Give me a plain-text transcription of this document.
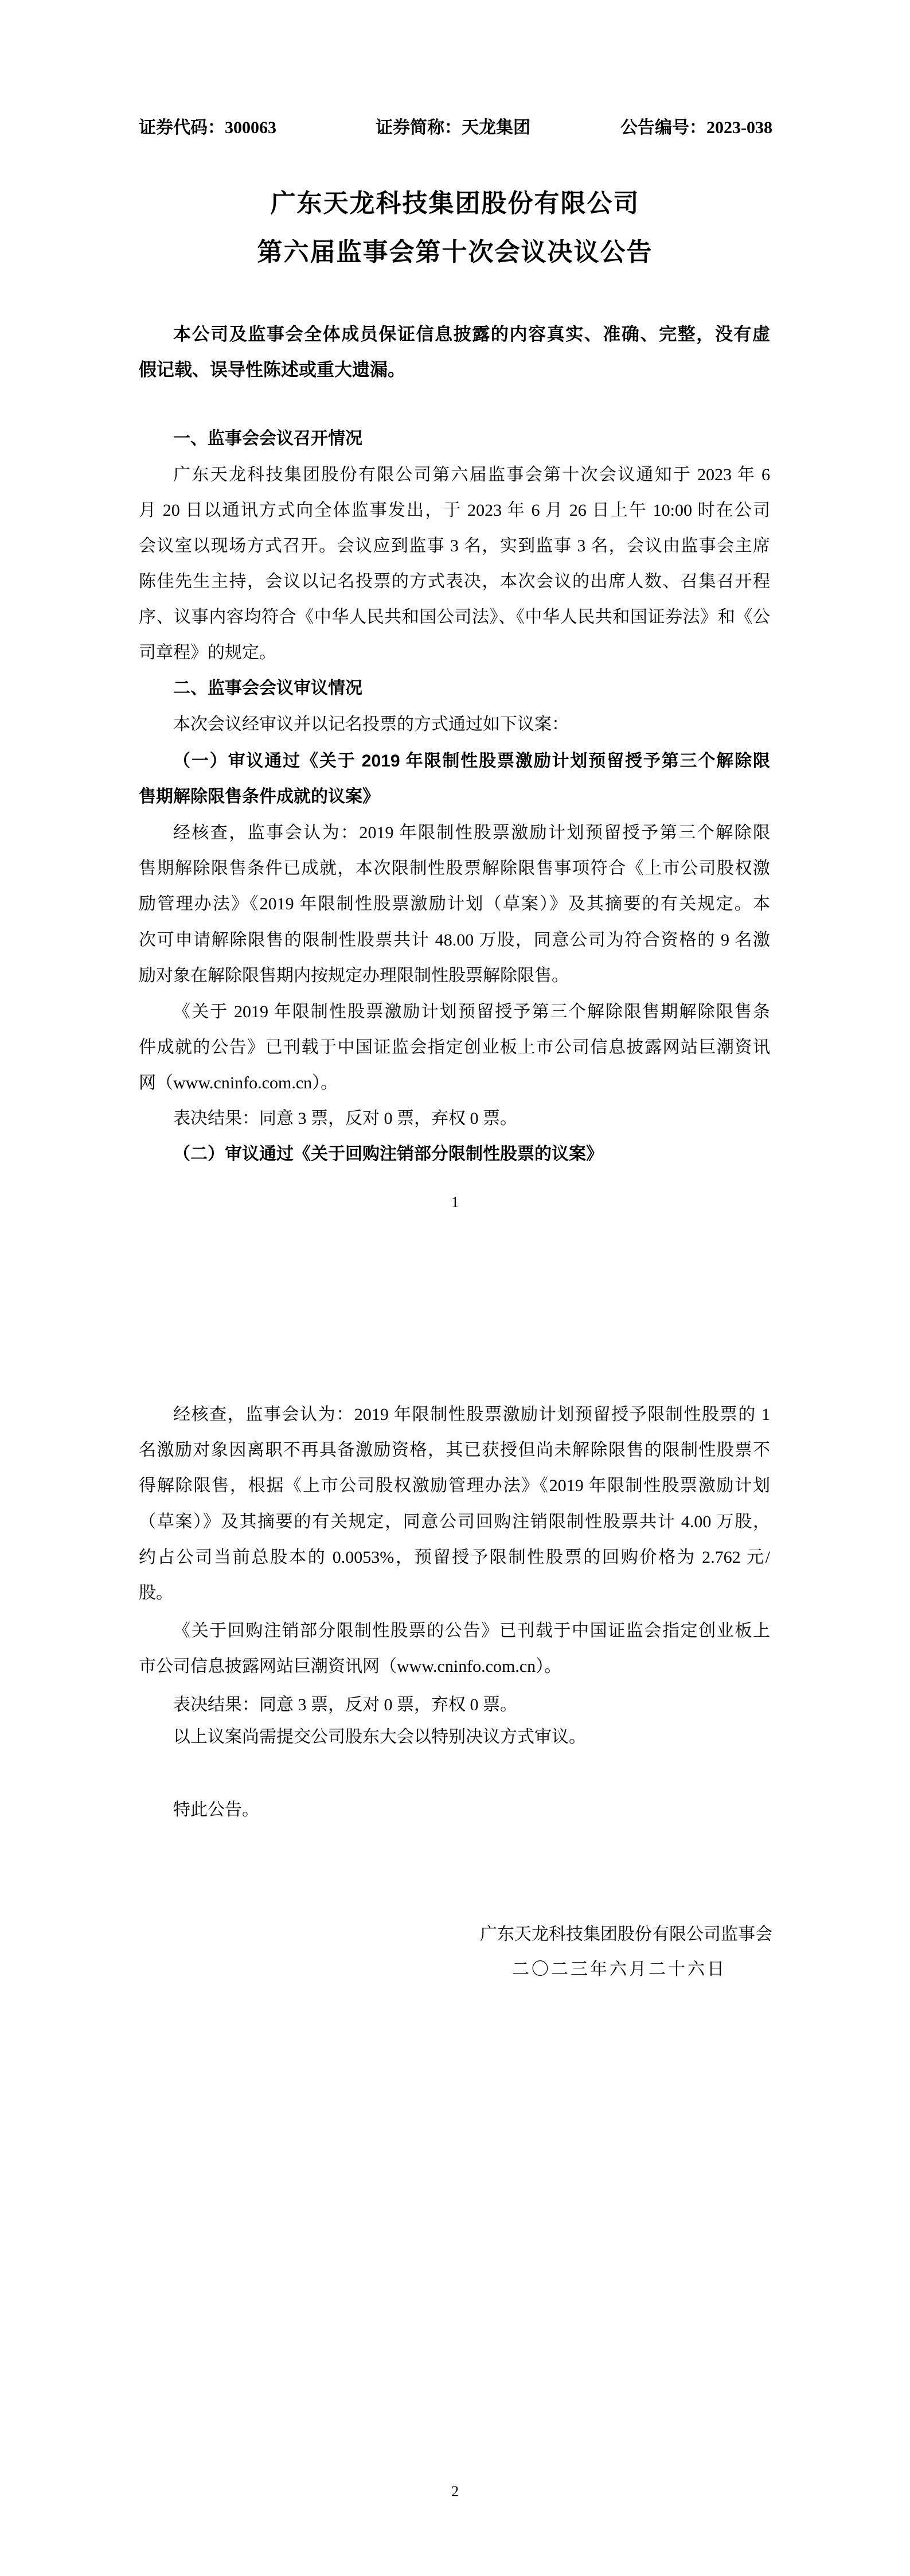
证券代码：300063	证券简称：天龙集团	公告编号：2023-038
广东天龙科技集团股份有限公司
第六届监事会第十次会议决议公告
本公司及监事会全体成员保证信息披露的内容真实、准确、完整，没有虚
假记载、误导性陈述或重大遗漏。
一、监事会会议召开情况
广东天龙科技集团股份有限公司第六届监事会第十次会议通知于 2023 年 6
月 20 日以通讯方式向全体监事发出，于 2023 年 6 月 26 日上午 10:00 时在公司
会议室以现场方式召开。会议应到监事 3 名，实到监事 3 名，会议由监事会主席
陈佳先生主持，会议以记名投票的方式表决，本次会议的出席人数、召集召开程
序、议事内容均符合《中华人民共和国公司法》、《中华人民共和国证券法》和《公
司章程》的规定。
二、监事会会议审议情况
本次会议经审议并以记名投票的方式通过如下议案：
（一）审议通过《关于 2019 年限制性股票激励计划预留授予第三个解除限
售期解除限售条件成就的议案》
经核查，监事会认为：2019 年限制性股票激励计划预留授予第三个解除限
售期解除限售条件已成就，本次限制性股票解除限售事项符合《上市公司股权激
励管理办法》《2019 年限制性股票激励计划（草案）》及其摘要的有关规定。本
次可申请解除限售的限制性股票共计 48.00 万股，同意公司为符合资格的 9 名激
励对象在解除限售期内按规定办理限制性股票解除限售。
《关于 2019 年限制性股票激励计划预留授予第三个解除限售期解除限售条
件成就的公告》已刊载于中国证监会指定创业板上市公司信息披露网站巨潮资讯
网（www.cninfo.com.cn）。
表决结果：同意 3 票，反对 0 票，弃权 0 票。
（二）审议通过《关于回购注销部分限制性股票的议案》
1
经核查，监事会认为：2019 年限制性股票激励计划预留授予限制性股票的 1
名激励对象因离职不再具备激励资格，其已获授但尚未解除限售的限制性股票不
得解除限售，根据《上市公司股权激励管理办法》《2019 年限制性股票激励计划
（草案）》及其摘要的有关规定，同意公司回购注销限制性股票共计 4.00 万股，
约占公司当前总股本的 0.0053%，预留授予限制性股票的回购价格为 2.762 元/
股。
《关于回购注销部分限制性股票的公告》已刊载于中国证监会指定创业板上
市公司信息披露网站巨潮资讯网（www.cninfo.com.cn）。
表决结果：同意 3 票，反对 0 票，弃权 0 票。
以上议案尚需提交公司股东大会以特别决议方式审议。
特此公告。
广东天龙科技集团股份有限公司监事会
二〇二三年六月二十六日
2
